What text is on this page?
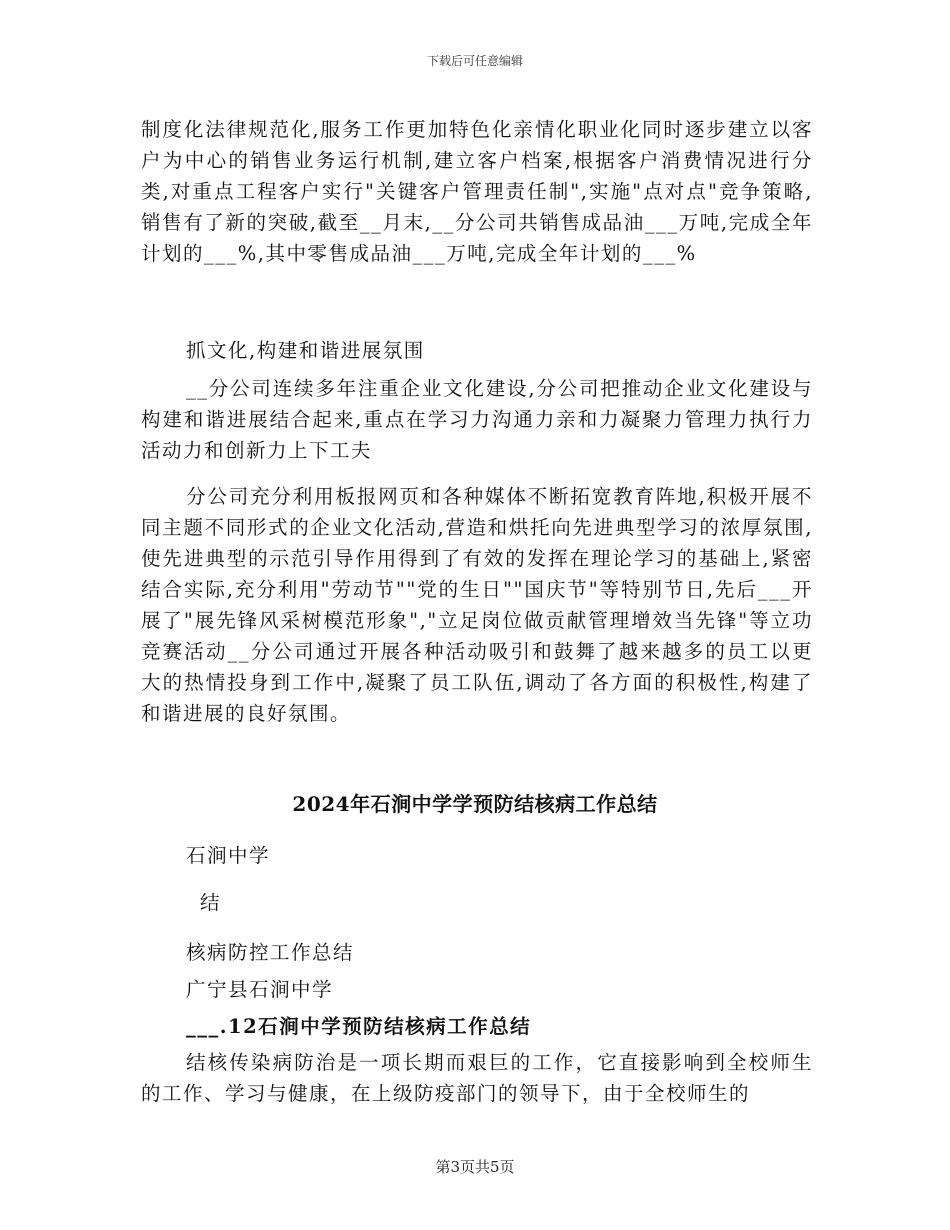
下载后可任意编辑

制度化法律规范化,服务工作更加特色化亲情化职业化同时逐步建立以客户为中心的销售业务运行机制,建立客户档案,根据客户消费情况进行分类,对重点工程客户实行"关键客户管理责任制",实施"点对点"竞争策略,销售有了新的突破,截至__月末,__分公司共销售成品油___万吨,完成全年计划的___%,其中零售成品油___万吨,完成全年计划的___%

抓文化,构建和谐进展氛围

__分公司连续多年注重企业文化建设,分公司把推动企业文化建设与构建和谐进展结合起来,重点在学习力沟通力亲和力凝聚力管理力执行力活动力和创新力上下工夫

分公司充分利用板报网页和各种媒体不断拓宽教育阵地,积极开展不同主题不同形式的企业文化活动,营造和烘托向先进典型学习的浓厚氛围,使先进典型的示范引导作用得到了有效的发挥在理论学习的基础上,紧密结合实际,充分利用"劳动节""党的生日""国庆节"等特别节日,先后___开展了"展先锋风采树模范形象","立足岗位做贡献管理增效当先锋"等立功竞赛活动__分公司通过开展各种活动吸引和鼓舞了越来越多的员工以更大的热情投身到工作中,凝聚了员工队伍,调动了各方面的积极性,构建了和谐进展的良好氛围。

2024年石涧中学学预防结核病工作总结

石涧中学

结

核病防控工作总结

广宁县石涧中学

___.12石涧中学预防结核病工作总结

结核传染病防治是一项长期而艰巨的工作，它直接影响到全校师生的工作、学习与健康，在上级防疫部门的领导下，由于全校师生的

第3页共5页
